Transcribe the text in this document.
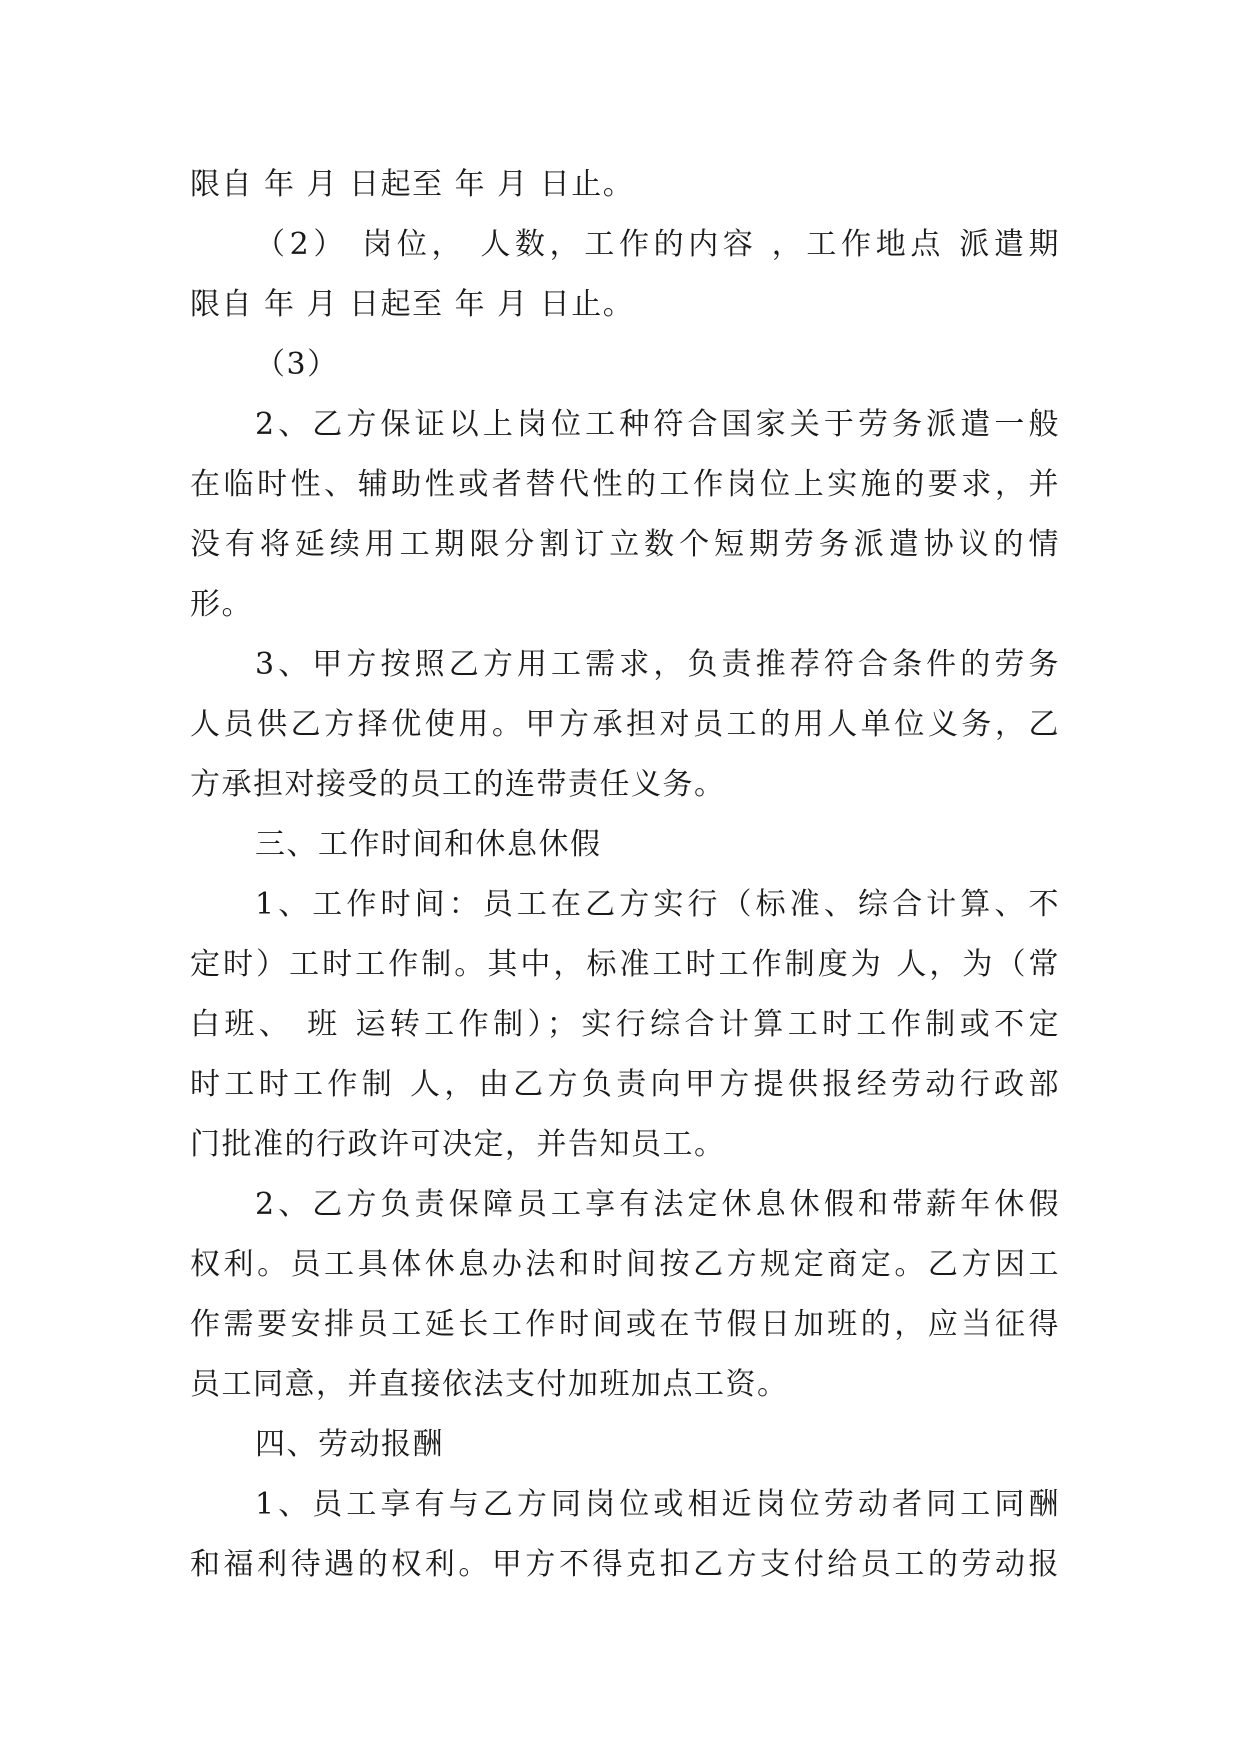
限自 年 月 日起至 年 月 日止。
（2） 岗位， 人数，工作的内容 ，工作地点 派遣期
限自 年 月 日起至 年 月 日止。
（3）
2、乙方保证以上岗位工种符合国家关于劳务派遣一般
在临时性、辅助性或者替代性的工作岗位上实施的要求，并
没有将延续用工期限分割订立数个短期劳务派遣协议的情
形。
3、甲方按照乙方用工需求，负责推荐符合条件的劳务
人员供乙方择优使用。甲方承担对员工的用人单位义务，乙
方承担对接受的员工的连带责任义务。
三、工作时间和休息休假
1、工作时间：员工在乙方实行（标准、综合计算、不
定时）工时工作制。其中，标准工时工作制度为 人，为（常
白班、 班 运转工作制）；实行综合计算工时工作制或不定
时工时工作制 人，由乙方负责向甲方提供报经劳动行政部
门批准的行政许可决定，并告知员工。
2、乙方负责保障员工享有法定休息休假和带薪年休假
权利。员工具体休息办法和时间按乙方规定商定。乙方因工
作需要安排员工延长工作时间或在节假日加班的，应当征得
员工同意，并直接依法支付加班加点工资。
四、劳动报酬
1、员工享有与乙方同岗位或相近岗位劳动者同工同酬
和福利待遇的权利。甲方不得克扣乙方支付给员工的劳动报
